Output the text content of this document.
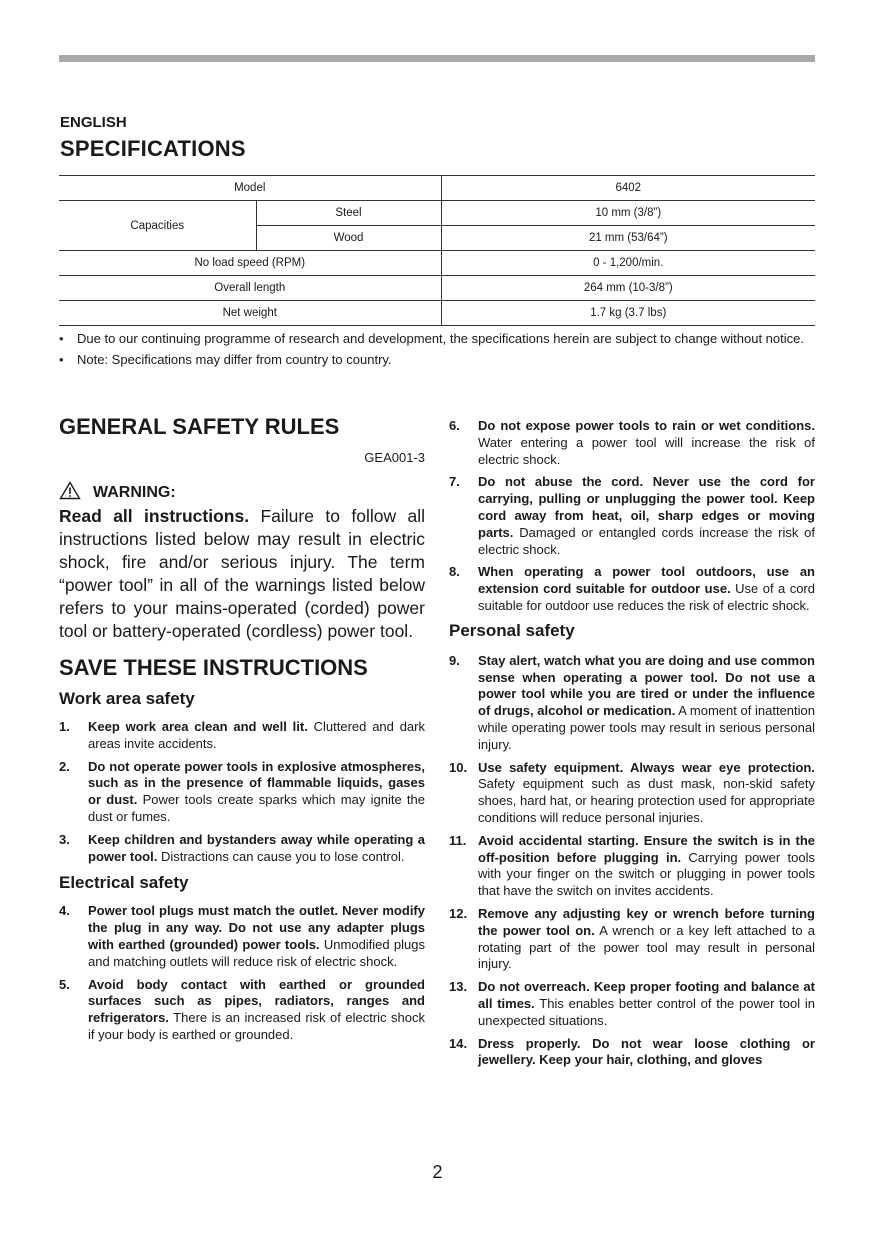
ENGLISH
SPECIFICATIONS
Model		6402
Capacities	Steel	10 mm (3/8”)
	Wood	21 mm (53/64”)
No load speed (RPM)		0 - 1,200/min.
Overall length		264 mm (10-3/8”)
Net weight		1.7 kg (3.7 lbs)
• Due to our continuing programme of research and development, the specifications herein are subject to change without notice.
• Note: Specifications may differ from country to country.
GENERAL SAFETY RULES
GEA001-3
WARNING:
Read all instructions. Failure to follow all instructions listed below may result in electric shock, fire and/or serious injury. The term “power tool” in all of the warnings listed below refers to your mains-operated (corded) power tool or battery-operated (cordless) power tool.
SAVE THESE INSTRUCTIONS
Work area safety
1. Keep work area clean and well lit. Cluttered and dark areas invite accidents.
2. Do not operate power tools in explosive atmospheres, such as in the presence of flammable liquids, gases or dust. Power tools create sparks which may ignite the dust or fumes.
3. Keep children and bystanders away while operating a power tool. Distractions can cause you to lose control.
Electrical safety
4. Power tool plugs must match the outlet. Never modify the plug in any way. Do not use any adapter plugs with earthed (grounded) power tools. Unmodified plugs and matching outlets will reduce risk of electric shock.
5. Avoid body contact with earthed or grounded surfaces such as pipes, radiators, ranges and refrigerators. There is an increased risk of electric shock if your body is earthed or grounded.
6. Do not expose power tools to rain or wet conditions. Water entering a power tool will increase the risk of electric shock.
7. Do not abuse the cord. Never use the cord for carrying, pulling or unplugging the power tool. Keep cord away from heat, oil, sharp edges or moving parts. Damaged or entangled cords increase the risk of electric shock.
8. When operating a power tool outdoors, use an extension cord suitable for outdoor use. Use of a cord suitable for outdoor use reduces the risk of electric shock.
Personal safety
9. Stay alert, watch what you are doing and use common sense when operating a power tool. Do not use a power tool while you are tired or under the influence of drugs, alcohol or medication. A moment of inattention while operating power tools may result in serious personal injury.
10. Use safety equipment. Always wear eye protection. Safety equipment such as dust mask, non-skid safety shoes, hard hat, or hearing protection used for appropriate conditions will reduce personal injuries.
11. Avoid accidental starting. Ensure the switch is in the off-position before plugging in. Carrying power tools with your finger on the switch or plugging in power tools that have the switch on invites accidents.
12. Remove any adjusting key or wrench before turning the power tool on. A wrench or a key left attached to a rotating part of the power tool may result in personal injury.
13. Do not overreach. Keep proper footing and balance at all times. This enables better control of the power tool in unexpected situations.
14. Dress properly. Do not wear loose clothing or jewellery. Keep your hair, clothing, and gloves
2
